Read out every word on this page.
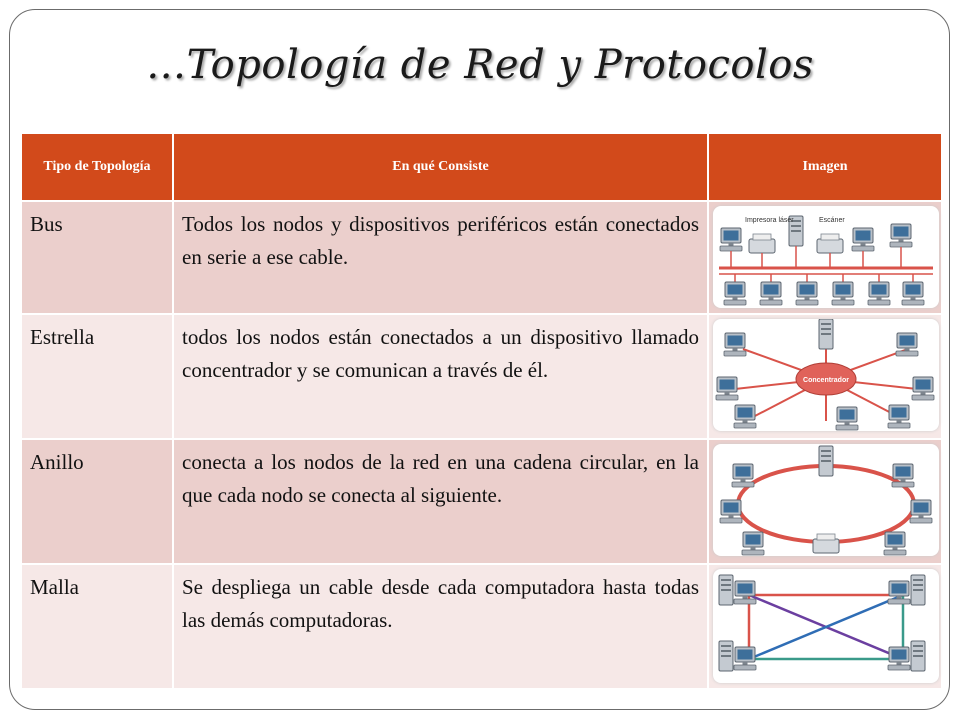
…Topología de Red y Protocolos
Tipo de Topología	En qué Consiste	Imagen
Bus	Todos los nodos y dispositivos periféricos están conectados en serie a ese cable.	Impresora láser Escáner

Estrella	todos los nodos están conectados a un dispositivo llamado concentrador y se comunican a través de él.	Concentrador

Anillo	conecta a los nodos de la red en una cadena circular, en la que cada nodo se conecta al siguiente.	

Malla	Se despliega un cable desde cada computadora hasta todas las demás computadoras.	
